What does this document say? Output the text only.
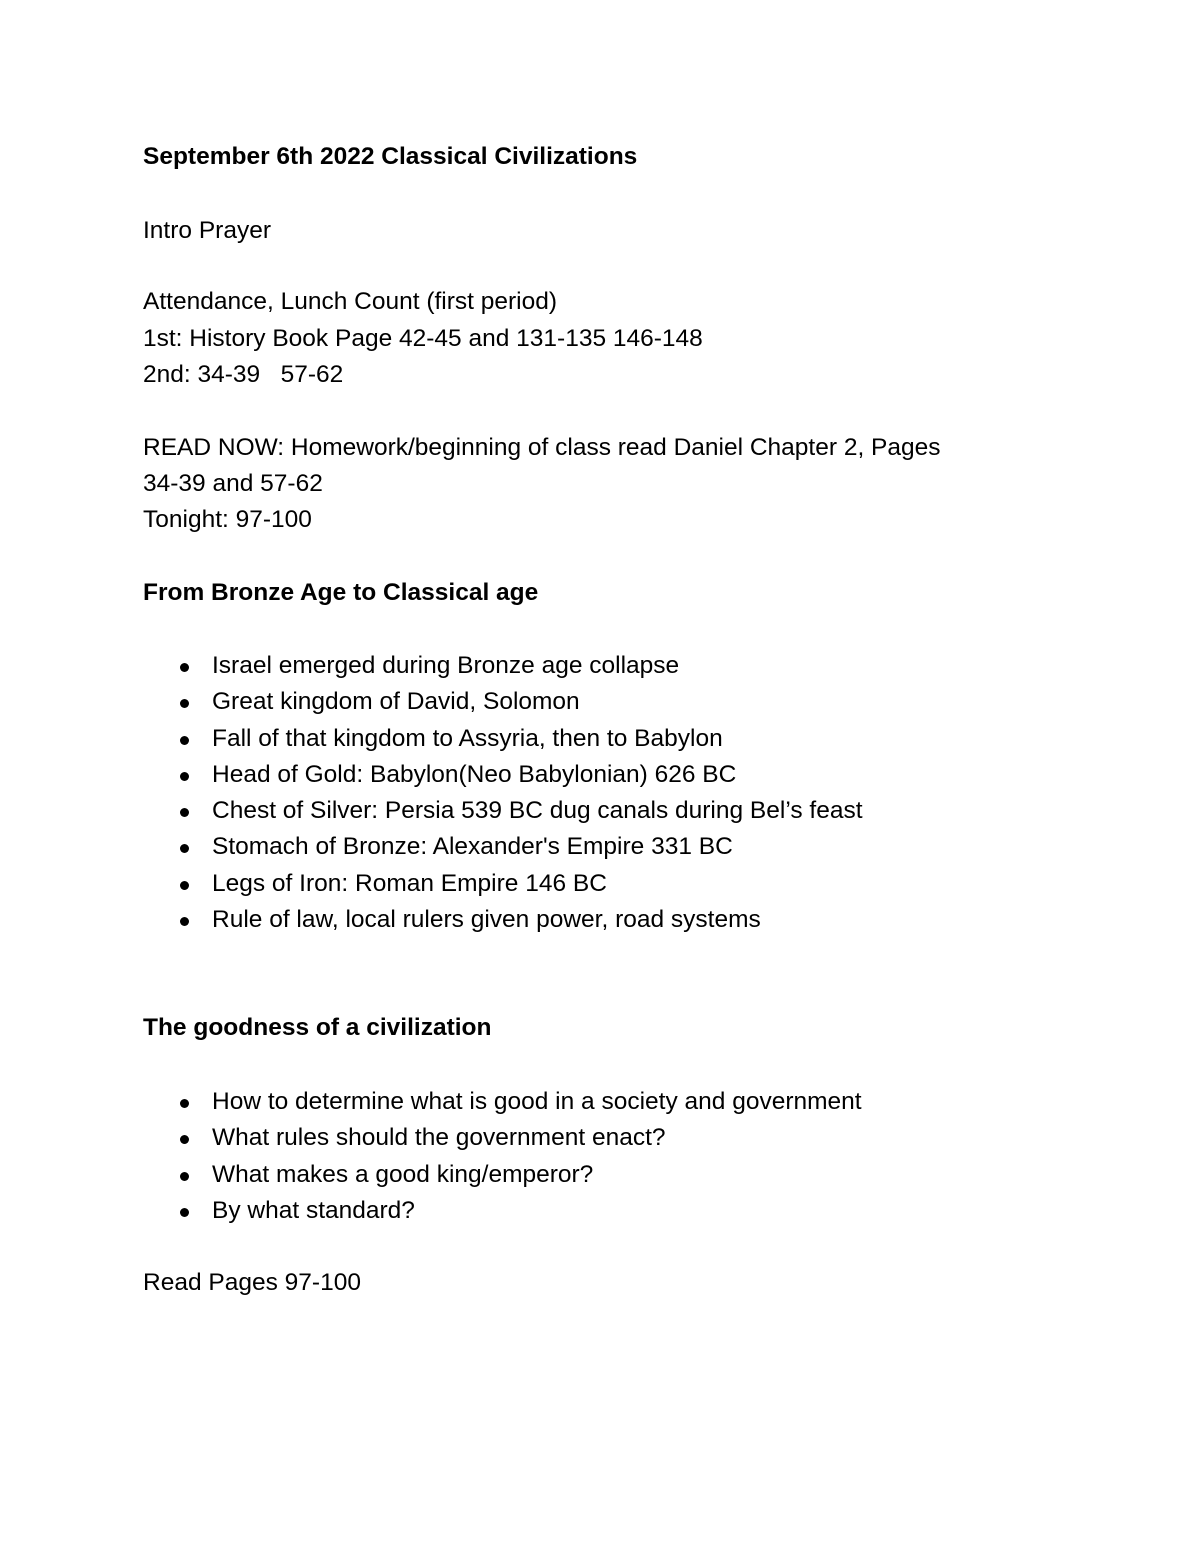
September 6th 2022 Classical Civilizations

Intro Prayer

Attendance, Lunch Count (first period)

1st: History Book Page 42-45 and 131-135 146-148

2nd: 34-39   57-62

READ NOW: Homework/beginning of class read Daniel Chapter 2, Pages

34-39 and 57-62

Tonight: 97-100

From Bronze Age to Classical age

Israel emerged during Bronze age collapse
Great kingdom of David, Solomon
Fall of that kingdom to Assyria, then to Babylon
Head of Gold: Babylon(Neo Babylonian) 626 BC
Chest of Silver: Persia 539 BC dug canals during Bel’s feast
Stomach of Bronze: Alexander's Empire 331 BC
Legs of Iron: Roman Empire 146 BC
Rule of law, local rulers given power, road systems

The goodness of a civilization

How to determine what is good in a society and government
What rules should the government enact?
What makes a good king/emperor?
By what standard?

Read Pages 97-100
